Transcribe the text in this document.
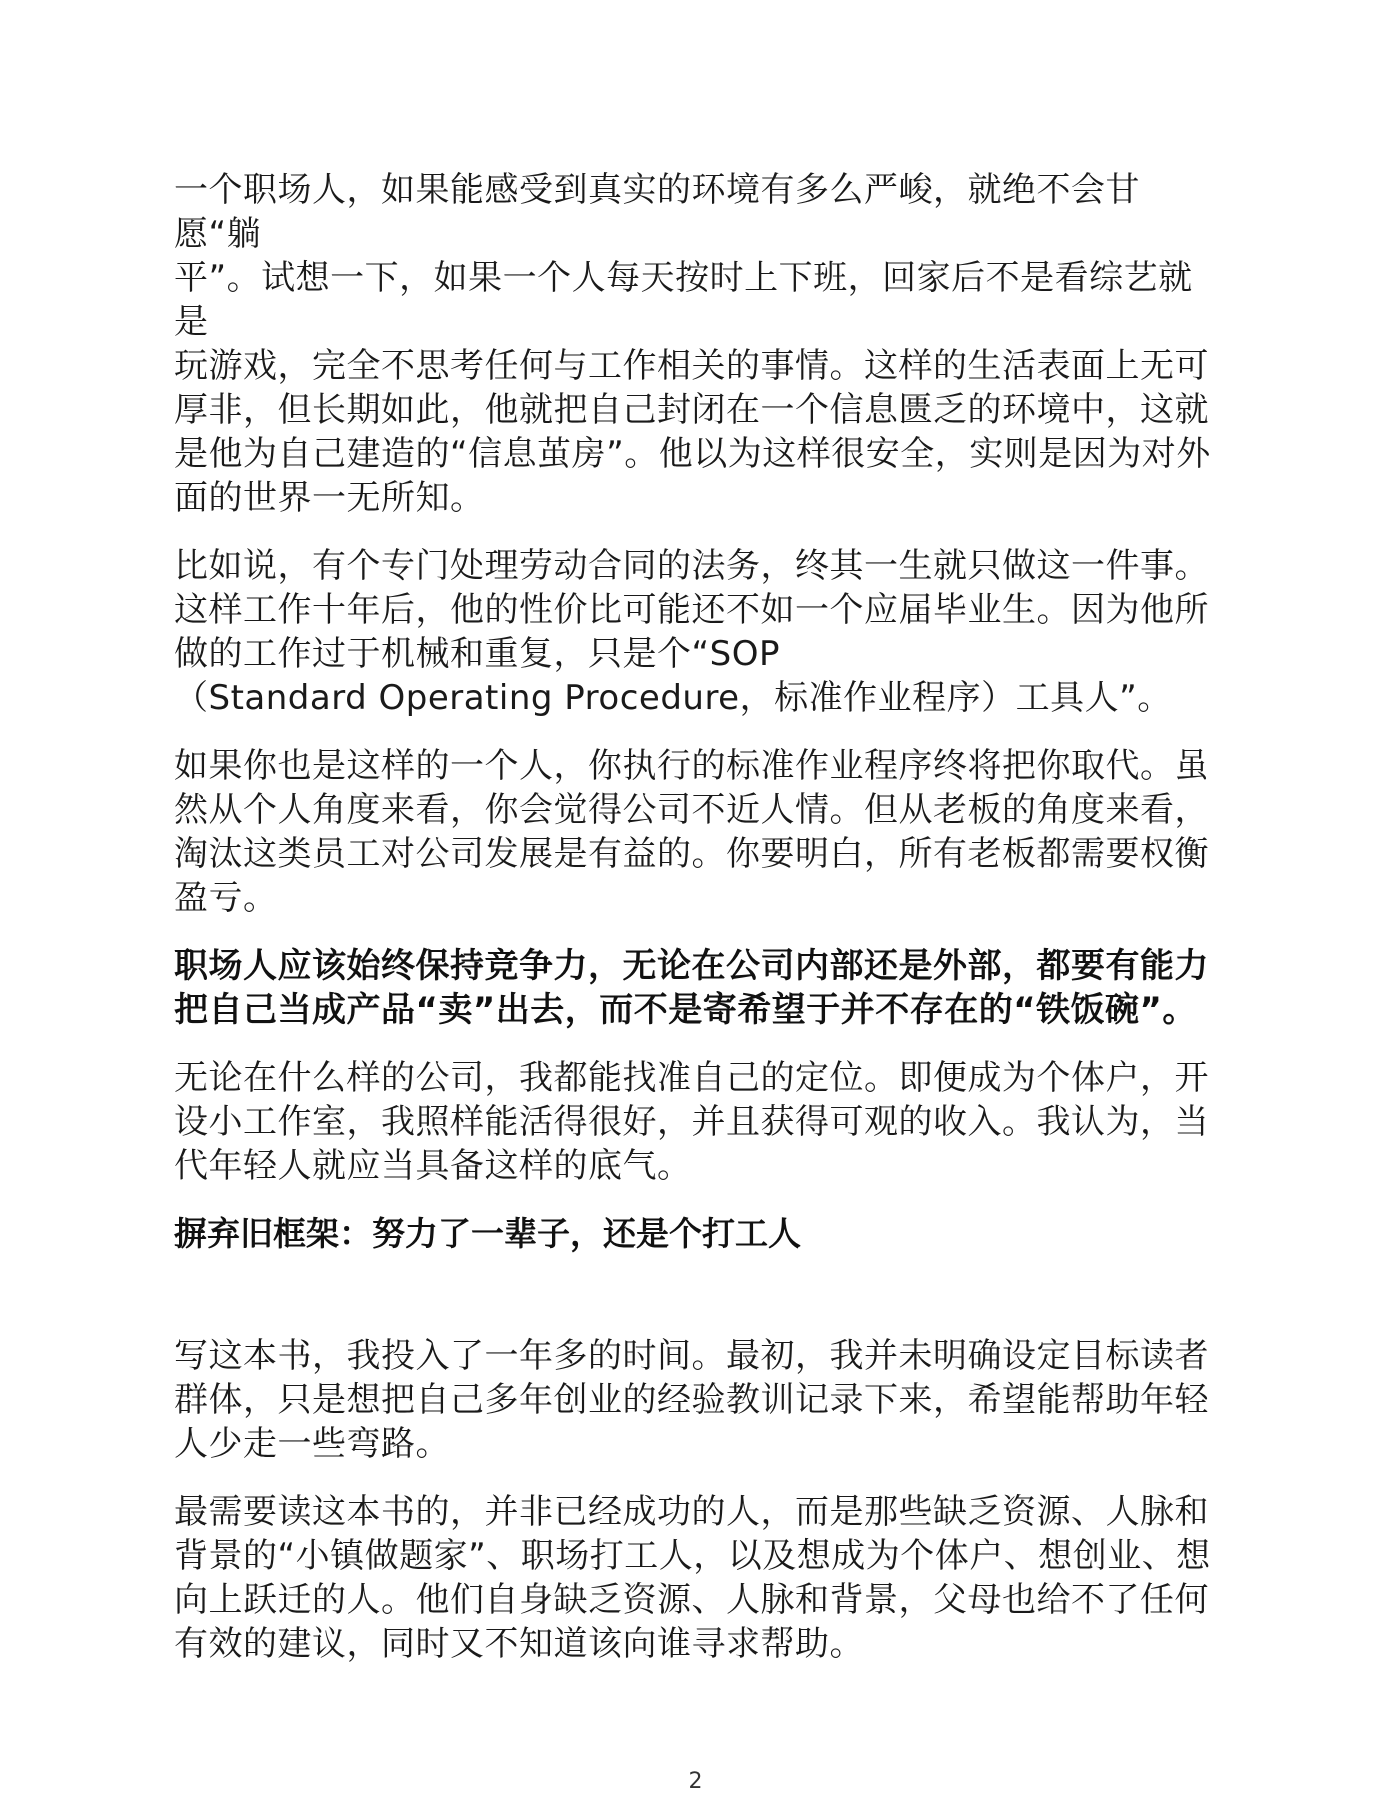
一个职场人，如果能感受到真实的环境有多么严峻，就绝不会甘愿“躺
平”。试想一下，如果一个人每天按时上下班，回家后不是看综艺就是
玩游戏，完全不思考任何与工作相关的事情。这样的生活表面上无可
厚非，但长期如此，他就把自己封闭在一个信息匮乏的环境中，这就
是他为自己建造的“信息茧房”。他以为这样很安全，实则是因为对外
面的世界一无所知。

比如说，有个专门处理劳动合同的法务，终其一生就只做这一件事。
这样工作十年后，他的性价比可能还不如一个应届毕业生。因为他所
做的工作过于机械和重复，只是个“SOP
（Standard Operating Procedure，标准作业程序）工具人”。

如果你也是这样的一个人，你执行的标准作业程序终将把你取代。虽
然从个人角度来看，你会觉得公司不近人情。但从老板的角度来看，
淘汰这类员工对公司发展是有益的。你要明白，所有老板都需要权衡
盈亏。

职场人应该始终保持竞争力，无论在公司内部还是外部，都要有能力
把自己当成产品“卖”出去，而不是寄希望于并不存在的“铁饭碗”。

无论在什么样的公司，我都能找准自己的定位。即便成为个体户，开
设小工作室，我照样能活得很好，并且获得可观的收入。我认为，当
代年轻人就应当具备这样的底气。

摒弃旧框架：努力了一辈子，还是个打工人

写这本书，我投入了一年多的时间。最初，我并未明确设定目标读者
群体，只是想把自己多年创业的经验教训记录下来，希望能帮助年轻
人少走一些弯路。

最需要读这本书的，并非已经成功的人，而是那些缺乏资源、人脉和
背景的“小镇做题家”、职场打工人，以及想成为个体户、想创业、想
向上跃迁的人。他们自身缺乏资源、人脉和背景，父母也给不了任何
有效的建议，同时又不知道该向谁寻求帮助。

2
